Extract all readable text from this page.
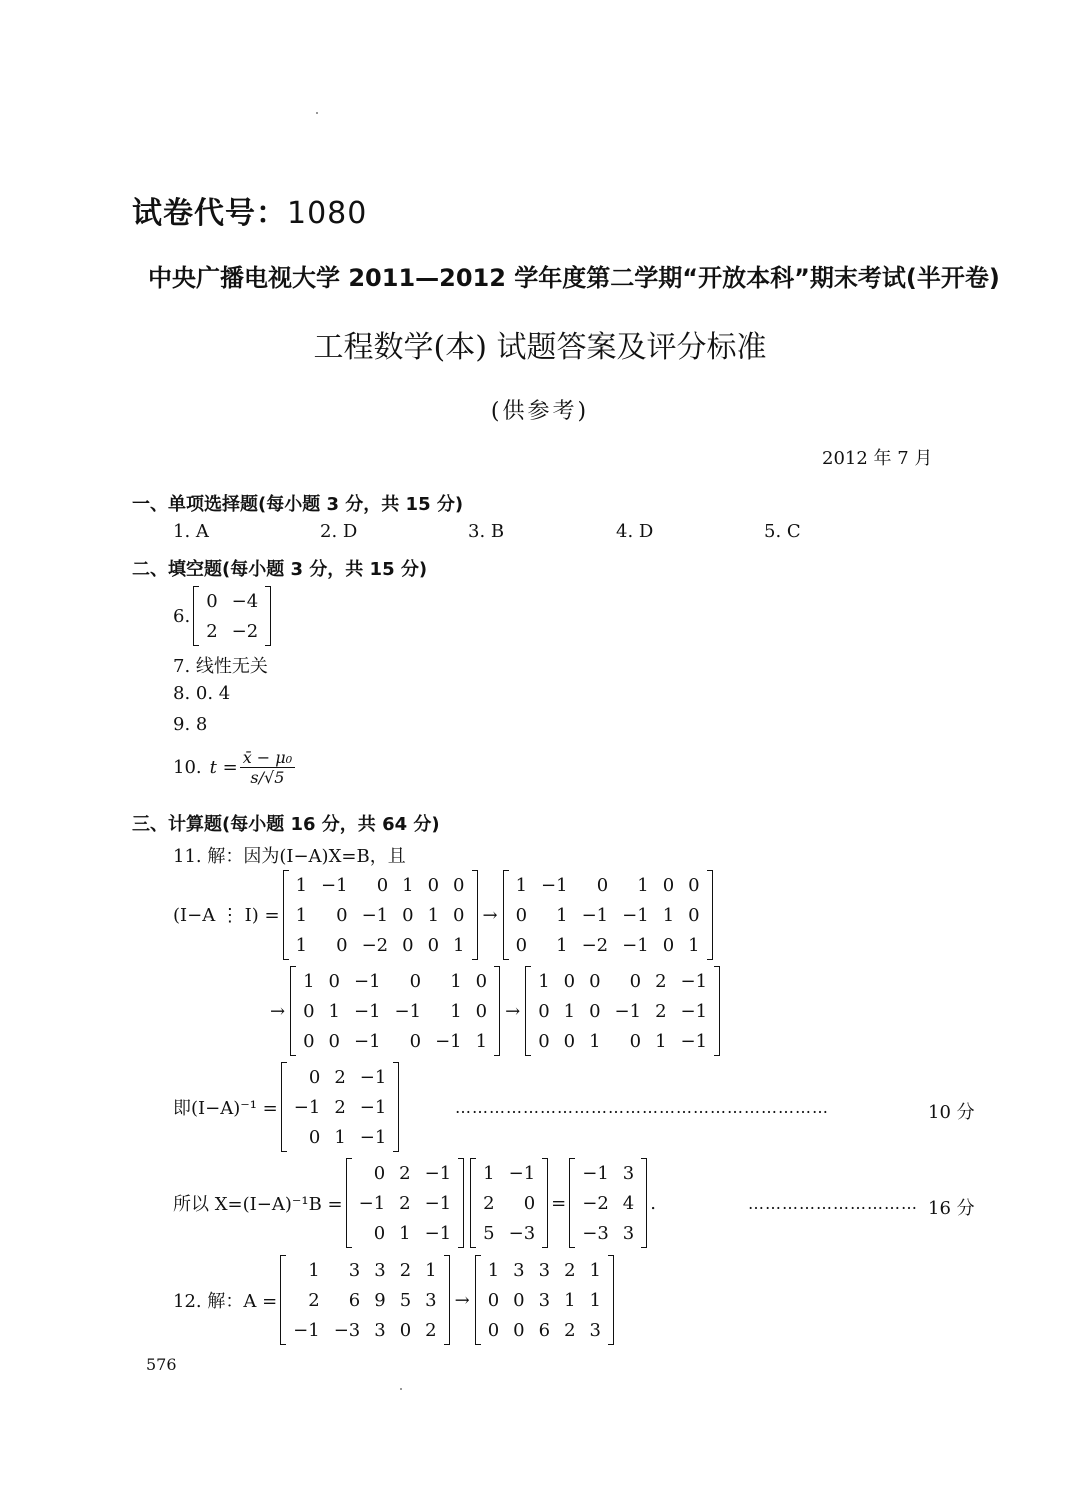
试卷代号：1080
中央广播电视大学 2011—2012 学年度第二学期“开放本科”期末考试(半开卷)
工程数学(本) 试题答案及评分标准
(供参考)
2012 年 7 月
一、单项选择题(每小题 3 分，共 15 分)
1. A	2. D	3. B	4. D	5. C
二、填空题(每小题 3 分，共 15 分)
6.
0	−4
2	−2
7. 线性无关
8. 0. 4
9. 8
10. $t = \frac{\text{x̄ − μ₀}}{s/√5}$
三、计算题(每小题 16 分，共 64 分)
11. 解：因为(I−A)X=B，且
(I−A ⋮ I) =
1	−1	0	1	0	0
1	0	−1	0	1	0
1	0	−2	0	0	1
→
1	−1	0	1	0	0
0	1	−1	−1	1	0
0	1	−2	−1	0	1
→
1	0	−1	0	1	0
0	1	−1	−1	1	0
0	0	−1	0	−1	1
→
1	0	0	0	2	−1
0	1	0	−1	2	−1
0	0	1	0	1	−1
即(I−A)⁻¹ =
0	2	−1
−1	2	−1
0	1	−1
…………………………………………………………	10 分
所以 X=(I−A)⁻¹B =
0	2	−1
−1	2	−1
0	1	−1
1	−1
2	0
5	−3
=
−1	3
−2	4
−3	3
.	………………………… 16 分
12. 解：A =
1	3	3	2	1
2	6	9	5	3
−1	−3	3	0	2
→
1	3	3	2	1
0	0	3	1	1
0	0	6	2	3
576
